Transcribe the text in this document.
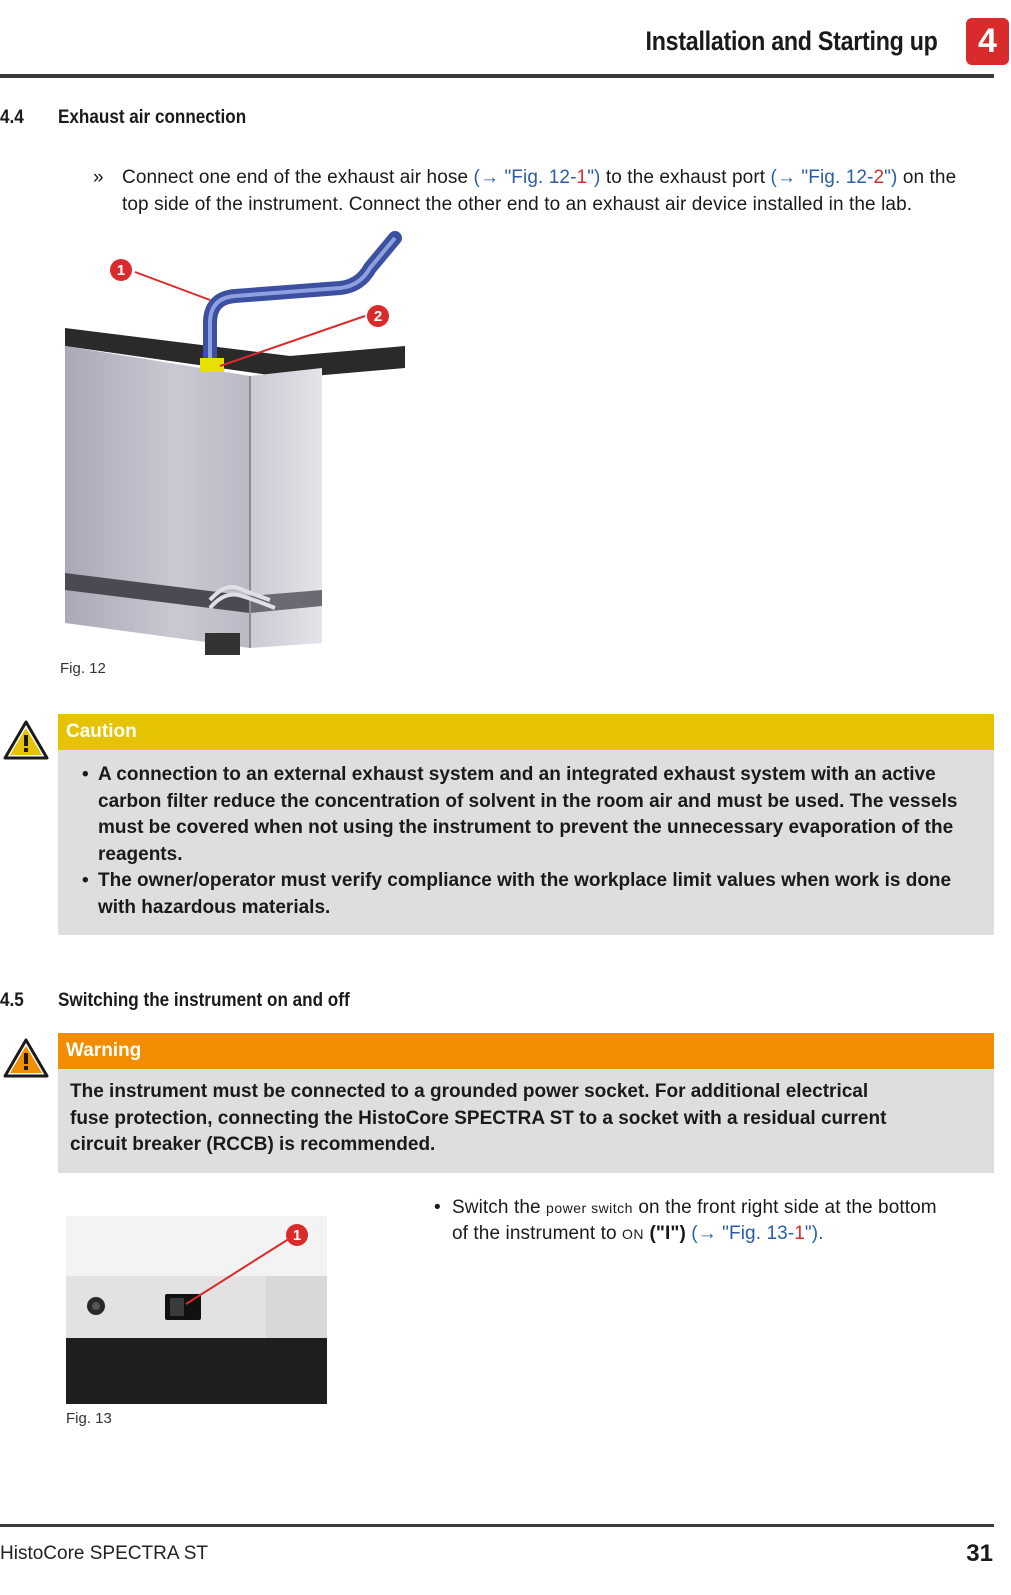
Installation and Starting up	4
4.4 Exhaust air connection
» Connect one end of the exhaust air hose (→ "Fig. 12-1") to the exhaust port (→ "Fig. 12-2") on the
top side of the instrument. Connect the other end to an exhaust air device installed in the lab.
1
2
Fig. 12
Caution
• A connection to an external exhaust system and an integrated exhaust system with an active carbon filter reduce the concentration of solvent in the room air and must be used. The vessels must be covered when not using the instrument to prevent the unnecessary evaporation of the reagents.
• The owner/operator must verify compliance with the workplace limit values when work is done with hazardous materials.
4.5 Switching the instrument on and off
Warning
The instrument must be connected to a grounded power socket. For additional electrical fuse protection, connecting the HistoCore SPECTRA ST to a socket with a residual current circuit breaker (RCCB) is recommended.
1
Fig. 13
• Switch the power switch on the front right side at the bottom
of the instrument to ON ("I") (→ "Fig. 13-1").
HistoCore SPECTRA ST	31
